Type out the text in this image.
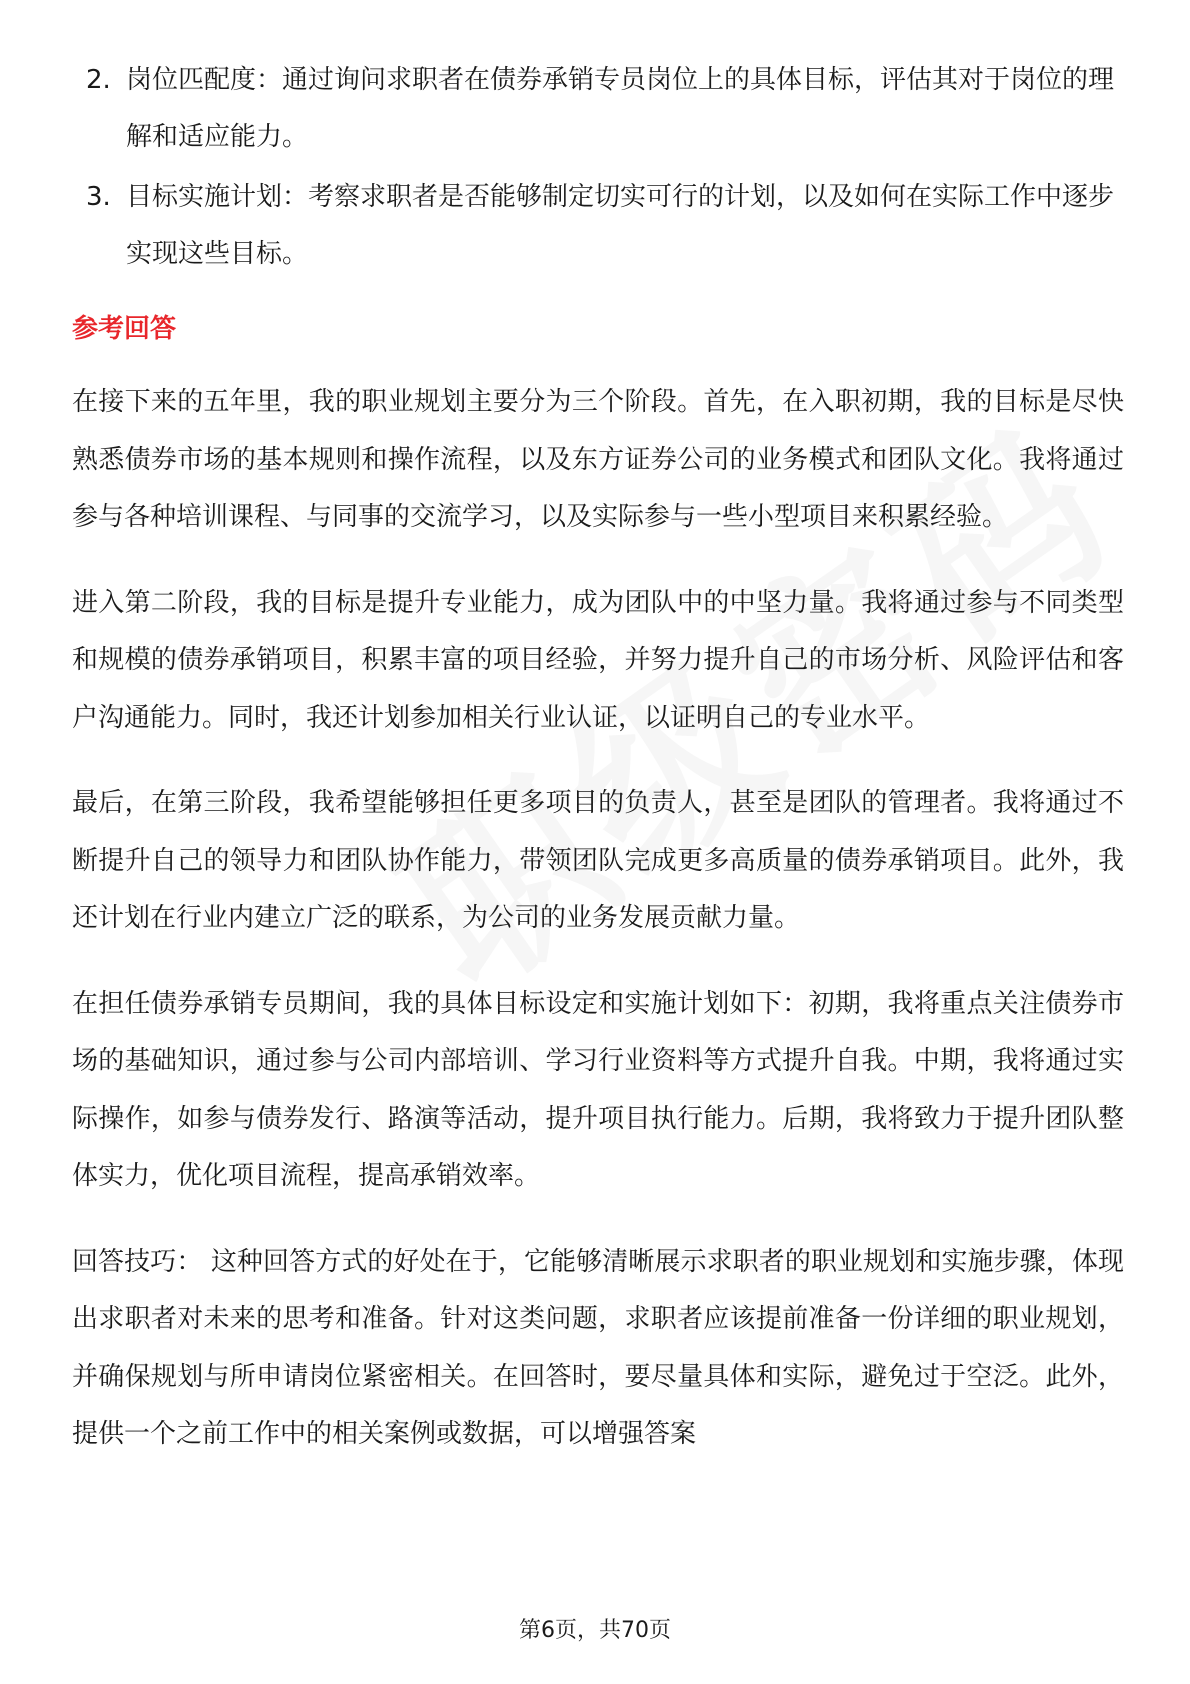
2. 岗位匹配度：通过询问求职者在债券承销专员岗位上的具体目标，评估其对于岗位的理解和适应能力。
3. 目标实施计划：考察求职者是否能够制定切实可行的计划，以及如何在实际工作中逐步实现这些目标。
参考回答

在接下来的五年里，我的职业规划主要分为三个阶段。首先，在入职初期，我的目标是尽快熟悉债券市场的基本规则和操作流程，以及东方证券公司的业务模式和团队文化。我将通过参与各种培训课程、与同事的交流学习，以及实际参与一些小型项目来积累经验。

进入第二阶段，我的目标是提升专业能力，成为团队中的中坚力量。我将通过参与不同类型和规模的债券承销项目，积累丰富的项目经验，并努力提升自己的市场分析、风险评估和客户沟通能力。同时，我还计划参加相关行业认证，以证明自己的专业水平。

最后，在第三阶段，我希望能够担任更多项目的负责人，甚至是团队的管理者。我将通过不断提升自己的领导力和团队协作能力，带领团队完成更多高质量的债券承销项目。此外，我还计划在行业内建立广泛的联系，为公司的业务发展贡献力量。

在担任债券承销专员期间，我的具体目标设定和实施计划如下：初期，我将重点关注债券市场的基础知识，通过参与公司内部培训、学习行业资料等方式提升自我。中期，我将通过实际操作，如参与债券发行、路演等活动，提升项目执行能力。后期，我将致力于提升团队整体实力，优化项目流程，提高承销效率。

回答技巧： 这种回答方式的好处在于，它能够清晰展示求职者的职业规划和实施步骤，体现出求职者对未来的思考和准备。针对这类问题，求职者应该提前准备一份详细的职业规划，并确保规划与所申请岗位紧密相关。在回答时，要尽量具体和实际，避免过于空泛。此外，提供一个之前工作中的相关案例或数据，可以增强答案

第6页，共70页
